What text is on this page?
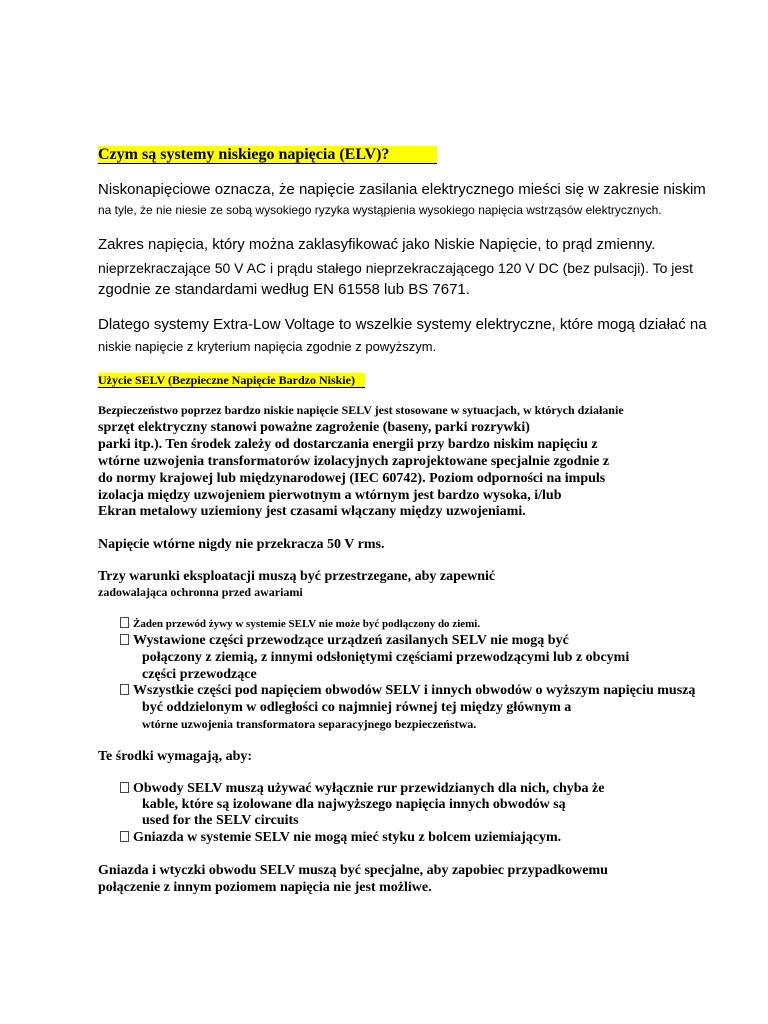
Czym są systemy niskiego napięcia (ELV)?
Niskonapięciowe oznacza, że napięcie zasilania elektrycznego mieści się w zakresie niskim
na tyle, że nie niesie ze sobą wysokiego ryzyka wystąpienia wysokiego napięcia wstrząsów elektrycznych.
Zakres napięcia, który można zaklasyfikować jako Niskie Napięcie, to prąd zmienny.
nieprzekraczające 50 V AC i prądu stałego nieprzekraczającego 120 V DC (bez pulsacji). To jest
zgodnie ze standardami według EN 61558 lub BS 7671.
Dlatego systemy Extra-Low Voltage to wszelkie systemy elektryczne, które mogą działać na
niskie napięcie z kryterium napięcia zgodnie z powyższym.
Użycie SELV (Bezpieczne Napięcie Bardzo Niskie)
Bezpieczeństwo poprzez bardzo niskie napięcie SELV jest stosowane w sytuacjach, w których działanie
sprzęt elektryczny stanowi poważne zagrożenie (baseny, parki rozrywki)
parki itp.). Ten środek zależy od dostarczania energii przy bardzo niskim napięciu z
wtórne uzwojenia transformatorów izolacyjnych zaprojektowane specjalnie zgodnie z
do normy krajowej lub międzynarodowej (IEC 60742). Poziom odporności na impuls
izolacja między uzwojeniem pierwotnym a wtórnym jest bardzo wysoka, i/lub
Ekran metalowy uziemiony jest czasami włączany między uzwojeniami.
Napięcie wtórne nigdy nie przekracza 50 V rms.
Trzy warunki eksploatacji muszą być przestrzegane, aby zapewnić
zadowalająca ochronna przed awariami
Żaden przewód żywy w systemie SELV nie może być podłączony do ziemi.
Wystawione części przewodzące urządzeń zasilanych SELV nie mogą być
połączony z ziemią, z innymi odsłoniętymi częściami przewodzącymi lub z obcymi
części przewodzące
Wszystkie części pod napięciem obwodów SELV i innych obwodów o wyższym napięciu muszą
być oddzielonym w odległości co najmniej równej tej między głównym a
wtórne uzwojenia transformatora separacyjnego bezpieczeństwa.
Te środki wymagają, aby:
Obwody SELV muszą używać wyłącznie rur przewidzianych dla nich, chyba że
kable, które są izolowane dla najwyższego napięcia innych obwodów są
used for the SELV circuits
Gniazda w systemie SELV nie mogą mieć styku z bolcem uziemiającym.
Gniazda i wtyczki obwodu SELV muszą być specjalne, aby zapobiec przypadkowemu
połączenie z innym poziomem napięcia nie jest możliwe.
